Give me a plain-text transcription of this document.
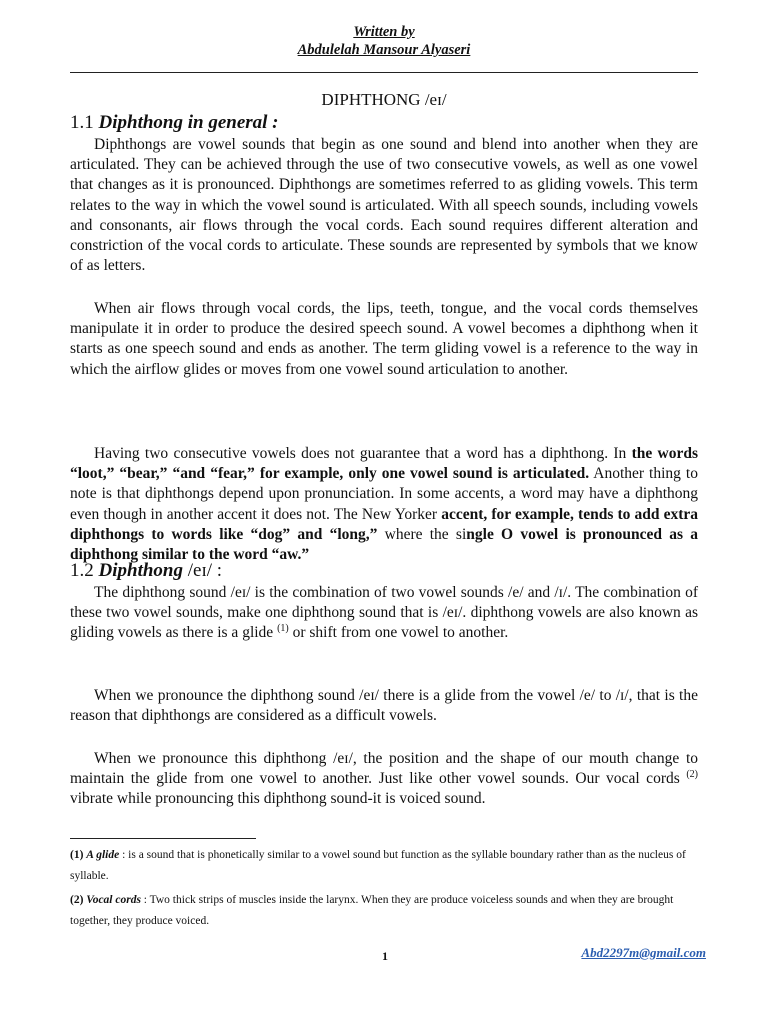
Written by
Abdulelah Mansour Alyaseri
DIPHTHONG /eɪ/
1.1 Diphthong in general :

Diphthongs are vowel sounds that begin as one sound and blend into another when they are articulated. They can be achieved through the use of two consecutive vowels, as well as one vowel that changes as it is pronounced. Diphthongs are sometimes referred to as gliding vowels. This term relates to the way in which the vowel sound is articulated. With all speech sounds, including vowels and consonants, air flows through the vocal cords. Each sound requires different alteration and constriction of the vocal cords to articulate. These sounds are represented by symbols that we know of as letters.

When air flows through vocal cords, the lips, teeth, tongue, and the vocal cords themselves manipulate it in order to produce the desired speech sound. A vowel becomes a diphthong when it starts as one speech sound and ends as another. The term gliding vowel is a reference to the way in which the airflow glides or moves from one vowel sound articulation to another.

Having two consecutive vowels does not guarantee that a word has a diphthong. In the words “loot,” “bear,” “and “fear,” for example, only one vowel sound is articulated. Another thing to note is that diphthongs depend upon pronunciation. In some accents, a word may have a diphthong even though in another accent it does not. The New Yorker accent, for example, tends to add extra diphthongs to words like “dog” and “long,” where the single O vowel is pronounced as a diphthong similar to the word “aw.”

1.2 Diphthong /eɪ/ :

The diphthong sound /eɪ/ is the combination of two vowel sounds /e/ and /ɪ/. The combination of these two vowel sounds, make one diphthong sound that is /eɪ/. diphthong vowels are also known as gliding vowels as there is a glide $^{(1)}$ or shift from one vowel to another.

When we pronounce the diphthong sound /eɪ/ there is a glide from the vowel /e/ to /ɪ/, that is the reason that diphthongs are considered as a difficult vowels.

When we pronounce this diphthong /eɪ/, the position and the shape of our mouth change to maintain the glide from one vowel to another. Just like other vowel sounds. Our vocal cords $^{(2)}$ vibrate while pronouncing this diphthong sound-it is voiced sound.

(1) A glide : is a sound that is phonetically similar to a vowel sound but function as the syllable boundary rather than as the nucleus of syllable.

(2) Vocal cords : Two thick strips of muscles inside the larynx. When they are produce voiceless sounds and when they are brought together, they produce voiced.

1	Abd2297m@gmail.com
